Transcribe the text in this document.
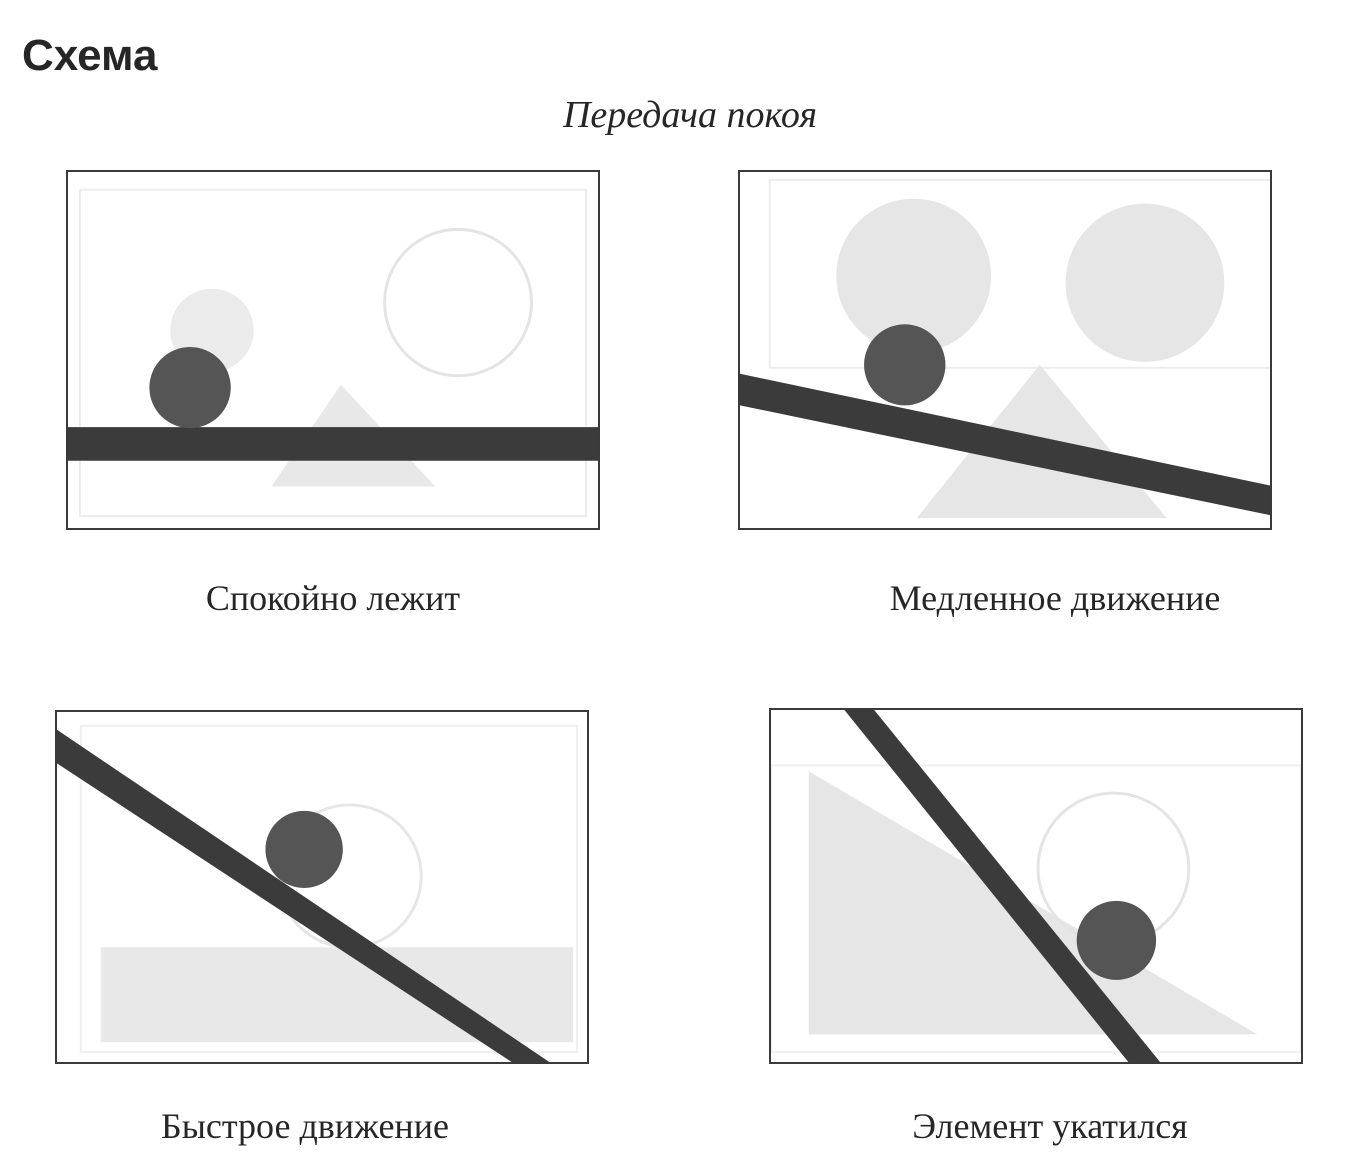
Схема
Передача покоя
Спокойно лежит	Медленное движение
Быстрое движение	Элемент укатился
